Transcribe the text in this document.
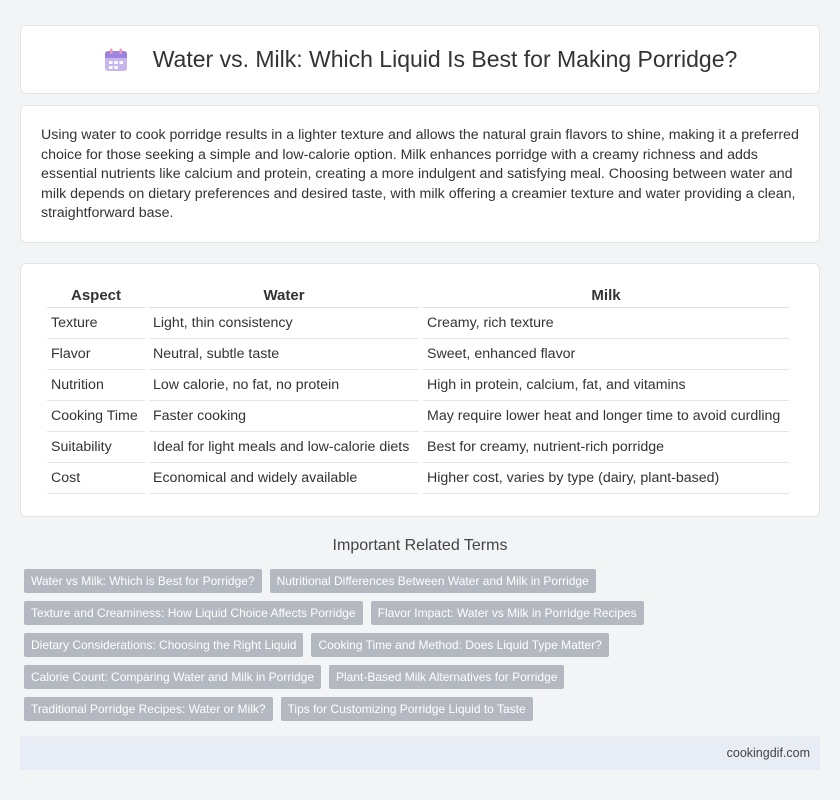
Water vs. Milk: Which Liquid Is Best for Making Porridge?

Using water to cook porridge results in a lighter texture and allows the natural grain flavors to shine, making it a preferred choice for those seeking a simple and low-calorie option. Milk enhances porridge with a creamy richness and adds essential nutrients like calcium and protein, creating a more indulgent and satisfying meal. Choosing between water and milk depends on dietary preferences and desired taste, with milk offering a creamier texture and water providing a clean, straightforward base.

Aspect	Water	Milk
Texture	Light, thin consistency	Creamy, rich texture
Flavor	Neutral, subtle taste	Sweet, enhanced flavor
Nutrition	Low calorie, no fat, no protein	High in protein, calcium, fat, and vitamins
Cooking Time	Faster cooking	May require lower heat and longer time to avoid curdling
Suitability	Ideal for light meals and low-calorie diets	Best for creamy, nutrient-rich porridge
Cost	Economical and widely available	Higher cost, varies by type (dairy, plant-based)
Important Related Terms
Water vs Milk: Which is Best for Porridge?	Nutritional Differences Between Water and Milk in Porridge
Texture and Creaminess: How Liquid Choice Affects Porridge	Flavor Impact: Water vs Milk in Porridge Recipes
Dietary Considerations: Choosing the Right Liquid	Cooking Time and Method: Does Liquid Type Matter?
Calorie Count: Comparing Water and Milk in Porridge	Plant-Based Milk Alternatives for Porridge
Traditional Porridge Recipes: Water or Milk?	Tips for Customizing Porridge Liquid to Taste
cookingdif.com
